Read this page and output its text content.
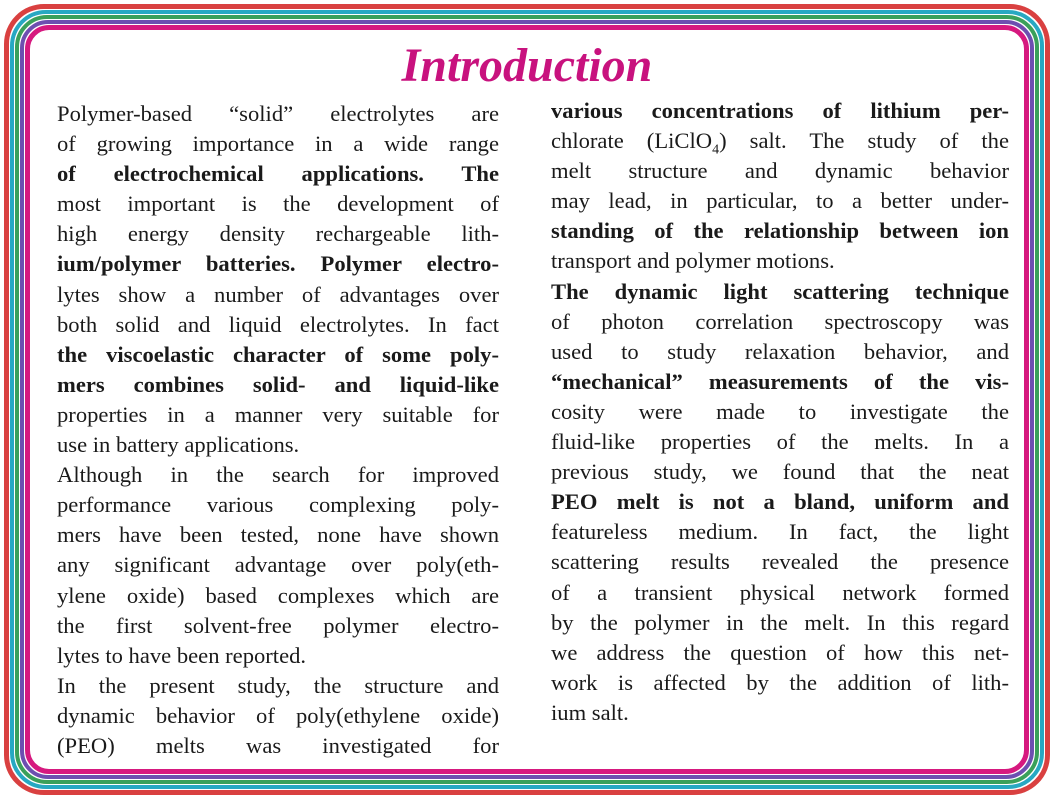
Introduction
Polymer-based “solid” electrolytes are
of growing importance in a wide range
of electrochemical applications. The
most important is the development of
high energy density rechargeable lith-
ium/polymer batteries. Polymer electro-
lytes show a number of advantages over
both solid and liquid electrolytes. In fact
the viscoelastic character of some poly-
mers combines solid- and liquid-like
properties in a manner very suitable for
use in battery applications.
Although in the search for improved
performance various complexing poly-
mers have been tested, none have shown
any significant advantage over poly(eth-
ylene oxide) based complexes which are
the first solvent-free polymer electro-
lytes to have been reported.
In the present study, the structure and
dynamic behavior of poly(ethylene oxide)
(PEO) melts was investigated for
various concentrations of lithium per-
chlorate (LiClO$_4$) salt. The study of the
melt structure and dynamic behavior
may lead, in particular, to a better under-
standing of the relationship between ion
transport and polymer motions.
The dynamic light scattering technique
of photon correlation spectroscopy was
used to study relaxation behavior, and
“mechanical” measurements of the vis-
cosity were made to investigate the
fluid-like properties of the melts. In a
previous study, we found that the neat
PEO melt is not a bland, uniform and
featureless medium. In fact, the light
scattering results revealed the presence
of a transient physical network formed
by the polymer in the melt. In this regard
we address the question of how this net-
work is affected by the addition of lith-
ium salt.
